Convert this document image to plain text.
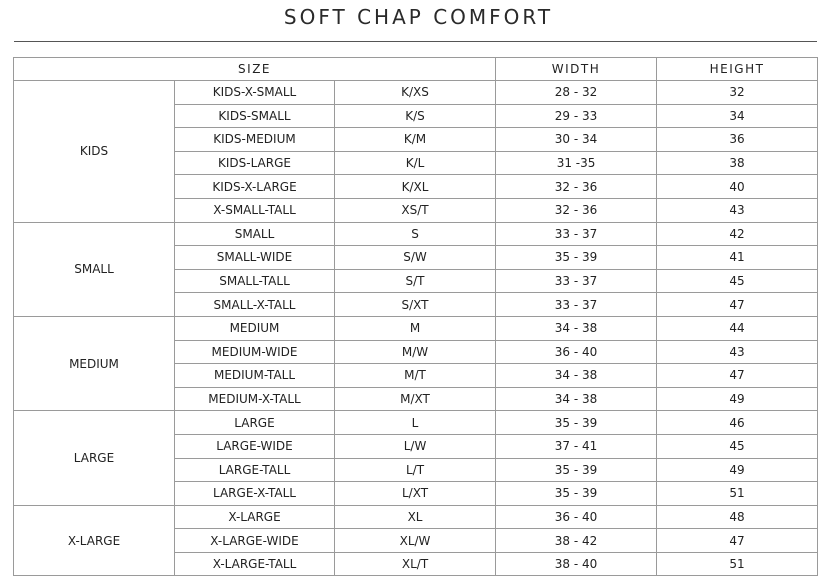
SOFT CHAP COMFORT
SIZE			WIDTH	HEIGHT
KIDS	KIDS-X-SMALL	K/XS	28 - 32	32
	KIDS-SMALL	K/S	29 - 33	34
	KIDS-MEDIUM	K/M	30 - 34	36
	KIDS-LARGE	K/L	31 -35	38
	KIDS-X-LARGE	K/XL	32 - 36	40
	X-SMALL-TALL	XS/T	32 - 36	43
SMALL	SMALL	S	33 - 37	42
	SMALL-WIDE	S/W	35 - 39	41
	SMALL-TALL	S/T	33 - 37	45
	SMALL-X-TALL	S/XT	33 - 37	47
MEDIUM	MEDIUM	M	34 - 38	44
	MEDIUM-WIDE	M/W	36 - 40	43
	MEDIUM-TALL	M/T	34 - 38	47
	MEDIUM-X-TALL	M/XT	34 - 38	49
LARGE	LARGE	L	35 - 39	46
	LARGE-WIDE	L/W	37 - 41	45
	LARGE-TALL	L/T	35 - 39	49
	LARGE-X-TALL	L/XT	35 - 39	51
X-LARGE	X-LARGE	XL	36 - 40	48
	X-LARGE-WIDE	XL/W	38 - 42	47
	X-LARGE-TALL	XL/T	38 - 40	51
